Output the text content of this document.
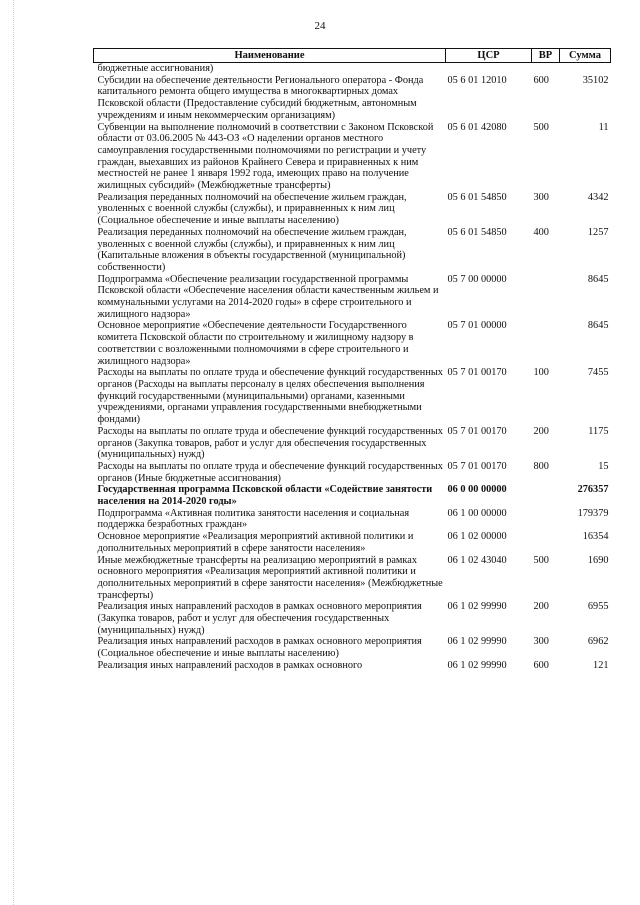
24
Наименование	ЦСР	ВР	Сумма
бюджетные ассигнования)			
Субсидии на обеспечение деятельности Регионального оператора - Фонда капитального ремонта общего имущества в многоквартирных домах Псковской области (Предоставление субсидий бюджетным, автономным учреждениям и иным некоммерческим организациям)	05 6 01 12010	600	35102
Субвенции на выполнение полномочий в соответствии с Законом Псковской области от 03.06.2005 № 443-ОЗ «О наделении органов местного самоуправления государственными полномочиями по регистрации и учету граждан, выехавших из районов Крайнего Севера и приравненных к ним местностей не ранее 1 января 1992 года, имеющих право на получение жилищных субсидий» (Межбюджетные трансферты)	05 6 01 42080	500	11
Реализация переданных полномочий на обеспечение жильем граждан, уволенных с военной службы (службы), и приравненных к ним лиц (Социальное обеспечение и иные выплаты населению)	05 6 01 54850	300	4342
Реализация переданных полномочий на обеспечение жильем граждан, уволенных с военной службы (службы), и приравненных к ним лиц (Капитальные вложения в объекты государственной (муниципальной) собственности)	05 6 01 54850	400	1257
Подпрограмма «Обеспечение реализации государственной программы Псковской области «Обеспечение населения области качественным жильем и коммунальными услугами на 2014-2020 годы» в сфере строительного и жилищного надзора»	05 7 00 00000		8645
Основное мероприятие «Обеспечение деятельности Государственного комитета Псковской области по строительному и жилищному надзору в соответствии с возложенными полномочиями в сфере строительного и жилищного надзора»	05 7 01 00000		8645
Расходы на выплаты по оплате труда и обеспечение функций государственных органов (Расходы на выплаты персоналу в целях обеспечения выполнения функций государственными (муниципальными) органами, казенными учреждениями, органами управления государственными внебюджетными фондами)	05 7 01 00170	100	7455
Расходы на выплаты по оплате труда и обеспечение функций государственных органов (Закупка товаров, работ и услуг для обеспечения государственных (муниципальных) нужд)	05 7 01 00170	200	1175
Расходы на выплаты по оплате труда и обеспечение функций государственных органов (Иные бюджетные ассигнования)	05 7 01 00170	800	15
Государственная программа Псковской области «Содействие занятости населения на 2014-2020 годы»	06 0 00 00000		276357
Подпрограмма «Активная политика занятости населения и социальная поддержка безработных граждан»	06 1 00 00000		179379
Основное мероприятие «Реализация мероприятий активной политики и дополнительных мероприятий в сфере занятости населения»	06 1 02 00000		16354
Иные межбюджетные трансферты на реализацию мероприятий в рамках основного мероприятия «Реализация мероприятий активной политики и дополнительных мероприятий в сфере занятости населения» (Межбюджетные трансферты)	06 1 02 43040	500	1690
Реализация иных направлений расходов в рамках основного мероприятия (Закупка товаров, работ и услуг для обеспечения государственных (муниципальных) нужд)	06 1 02 99990	200	6955
Реализация иных направлений расходов в рамках основного мероприятия (Социальное обеспечение и иные выплаты населению)	06 1 02 99990	300	6962
Реализация иных направлений расходов в рамках основного	06 1 02 99990	600	121
